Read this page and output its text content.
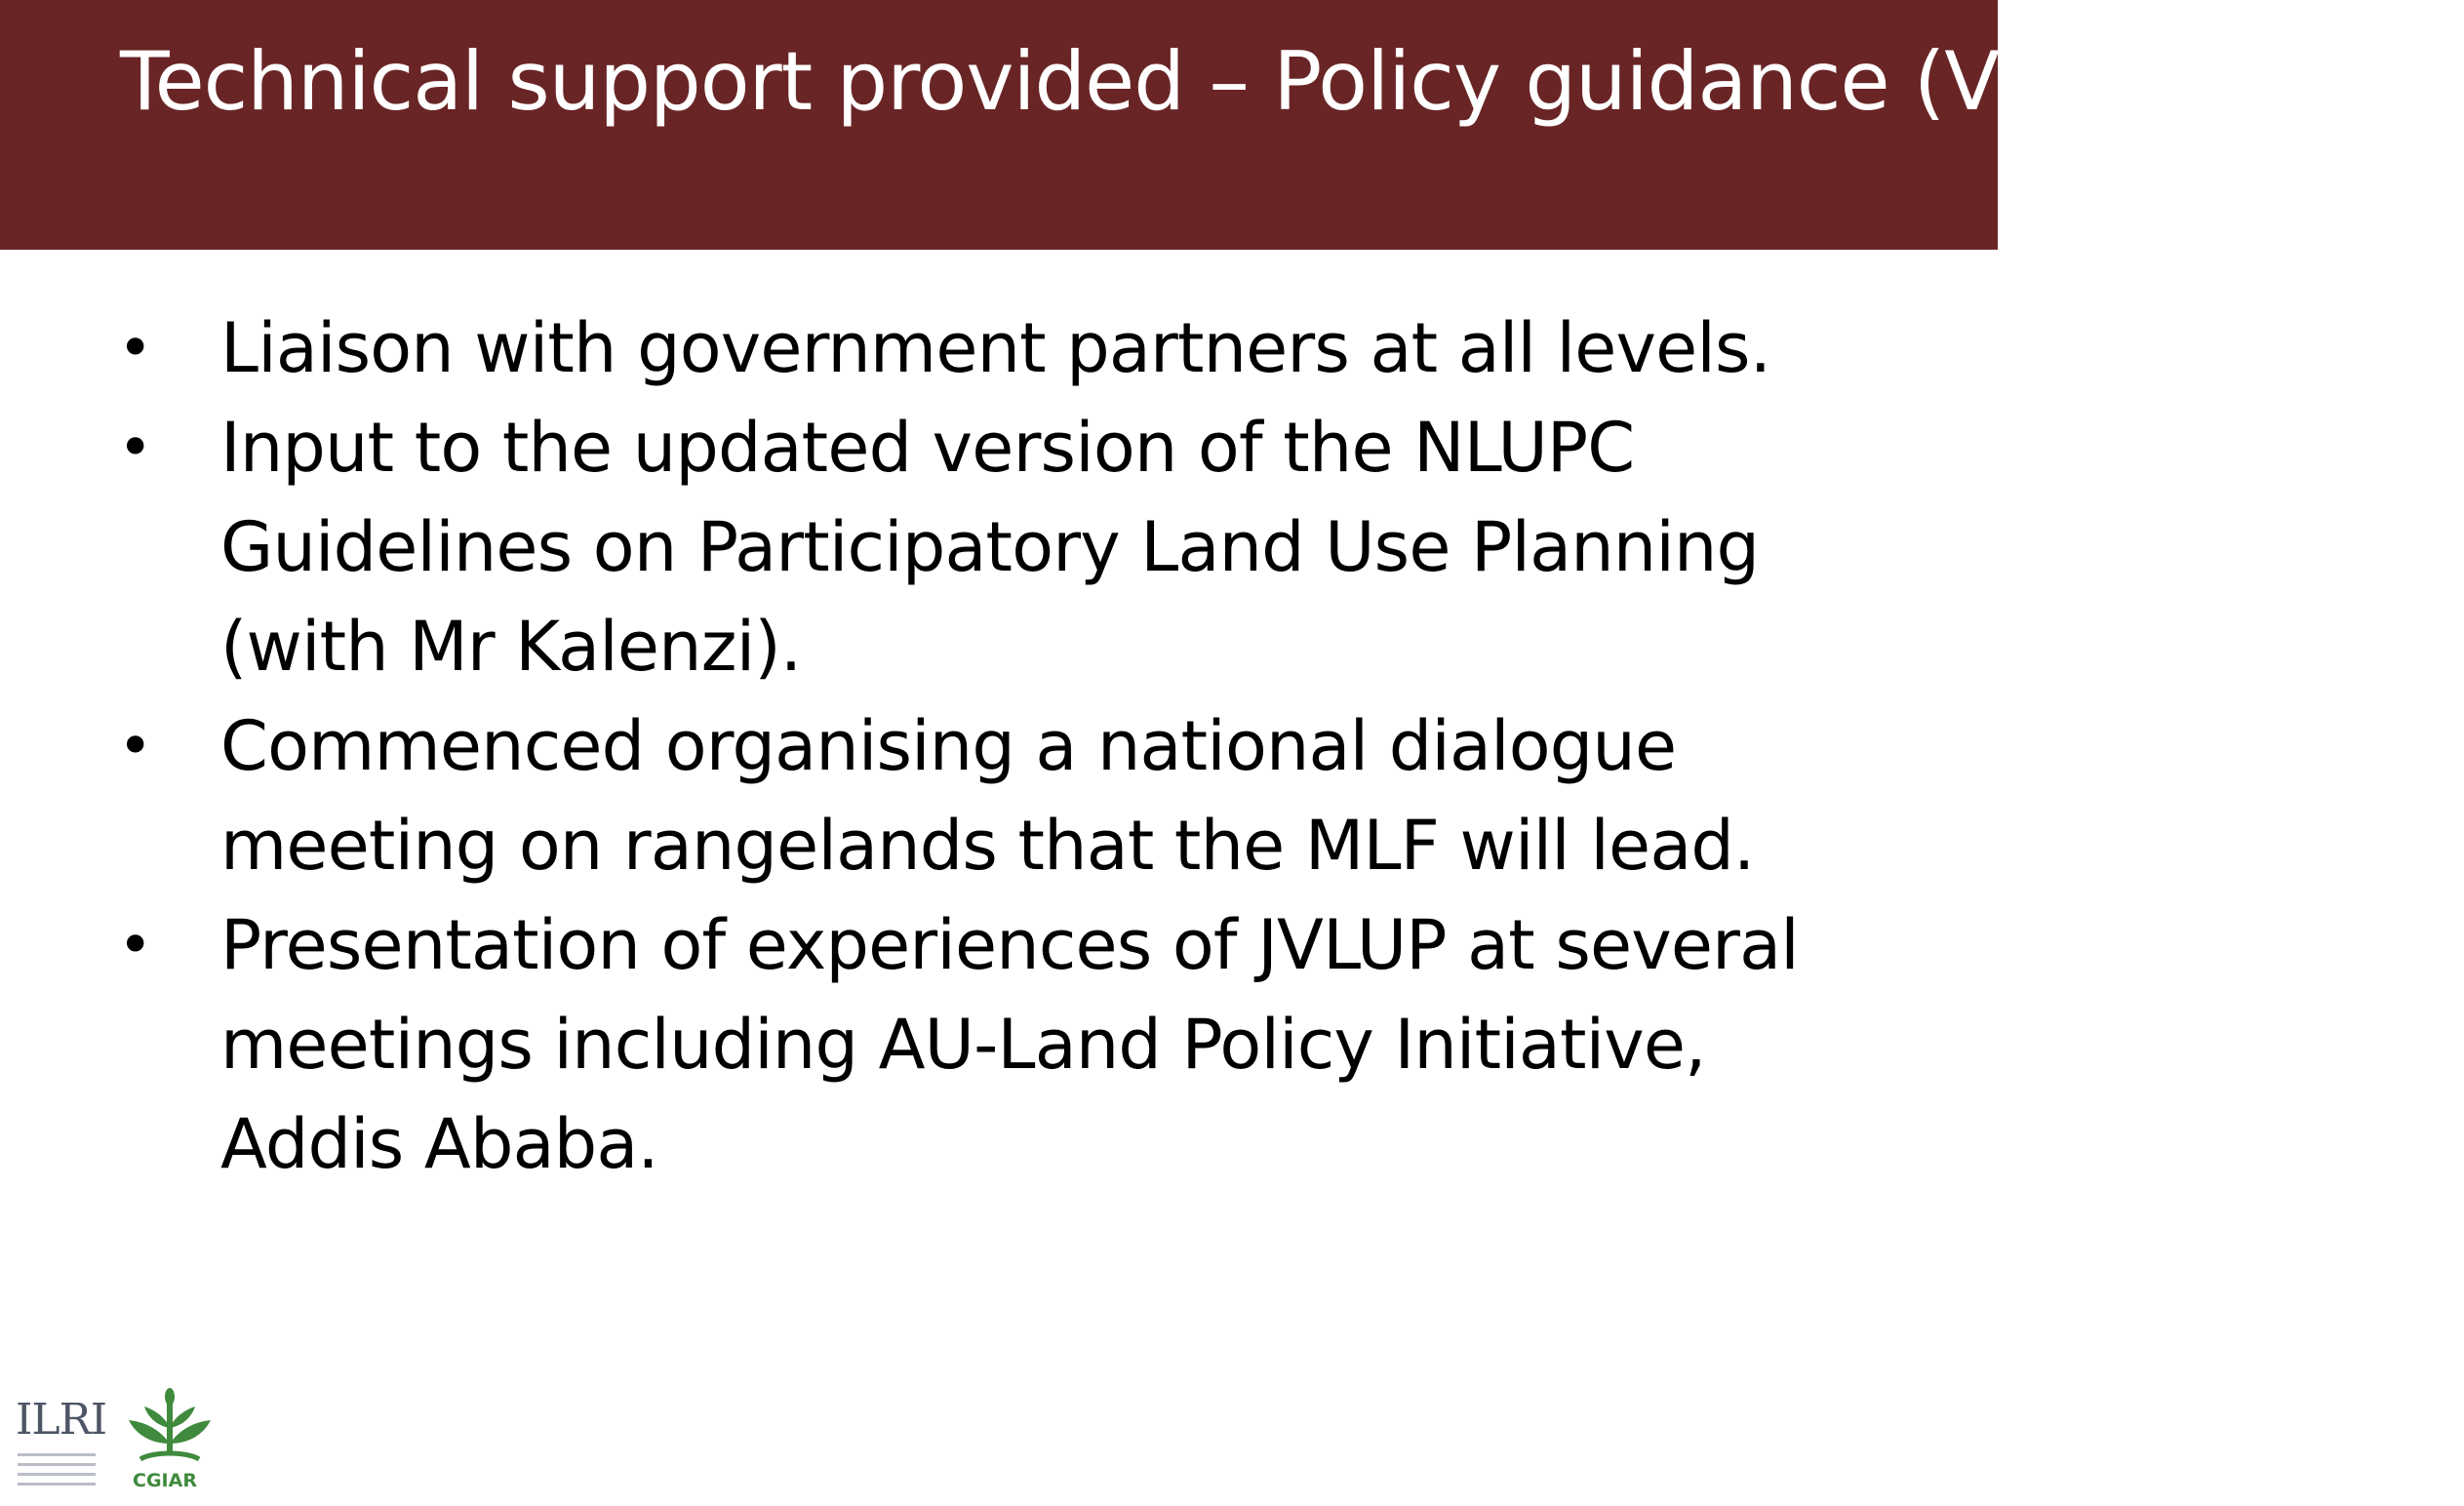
Technical support provided – Policy guidance (Victor Mwita)
• Liaison with government partners at all levels.
• Input to the updated version of the NLUPC Guidelines on Participatory Land Use Planning (with Mr Kalenzi).
• Commenced organising a national dialogue meeting on rangelands that the MLF will lead.
• Presentation of experiences of JVLUP at several meetings including AU-Land Policy Initiative, Addis Ababa.
ILRI
CGIAR
